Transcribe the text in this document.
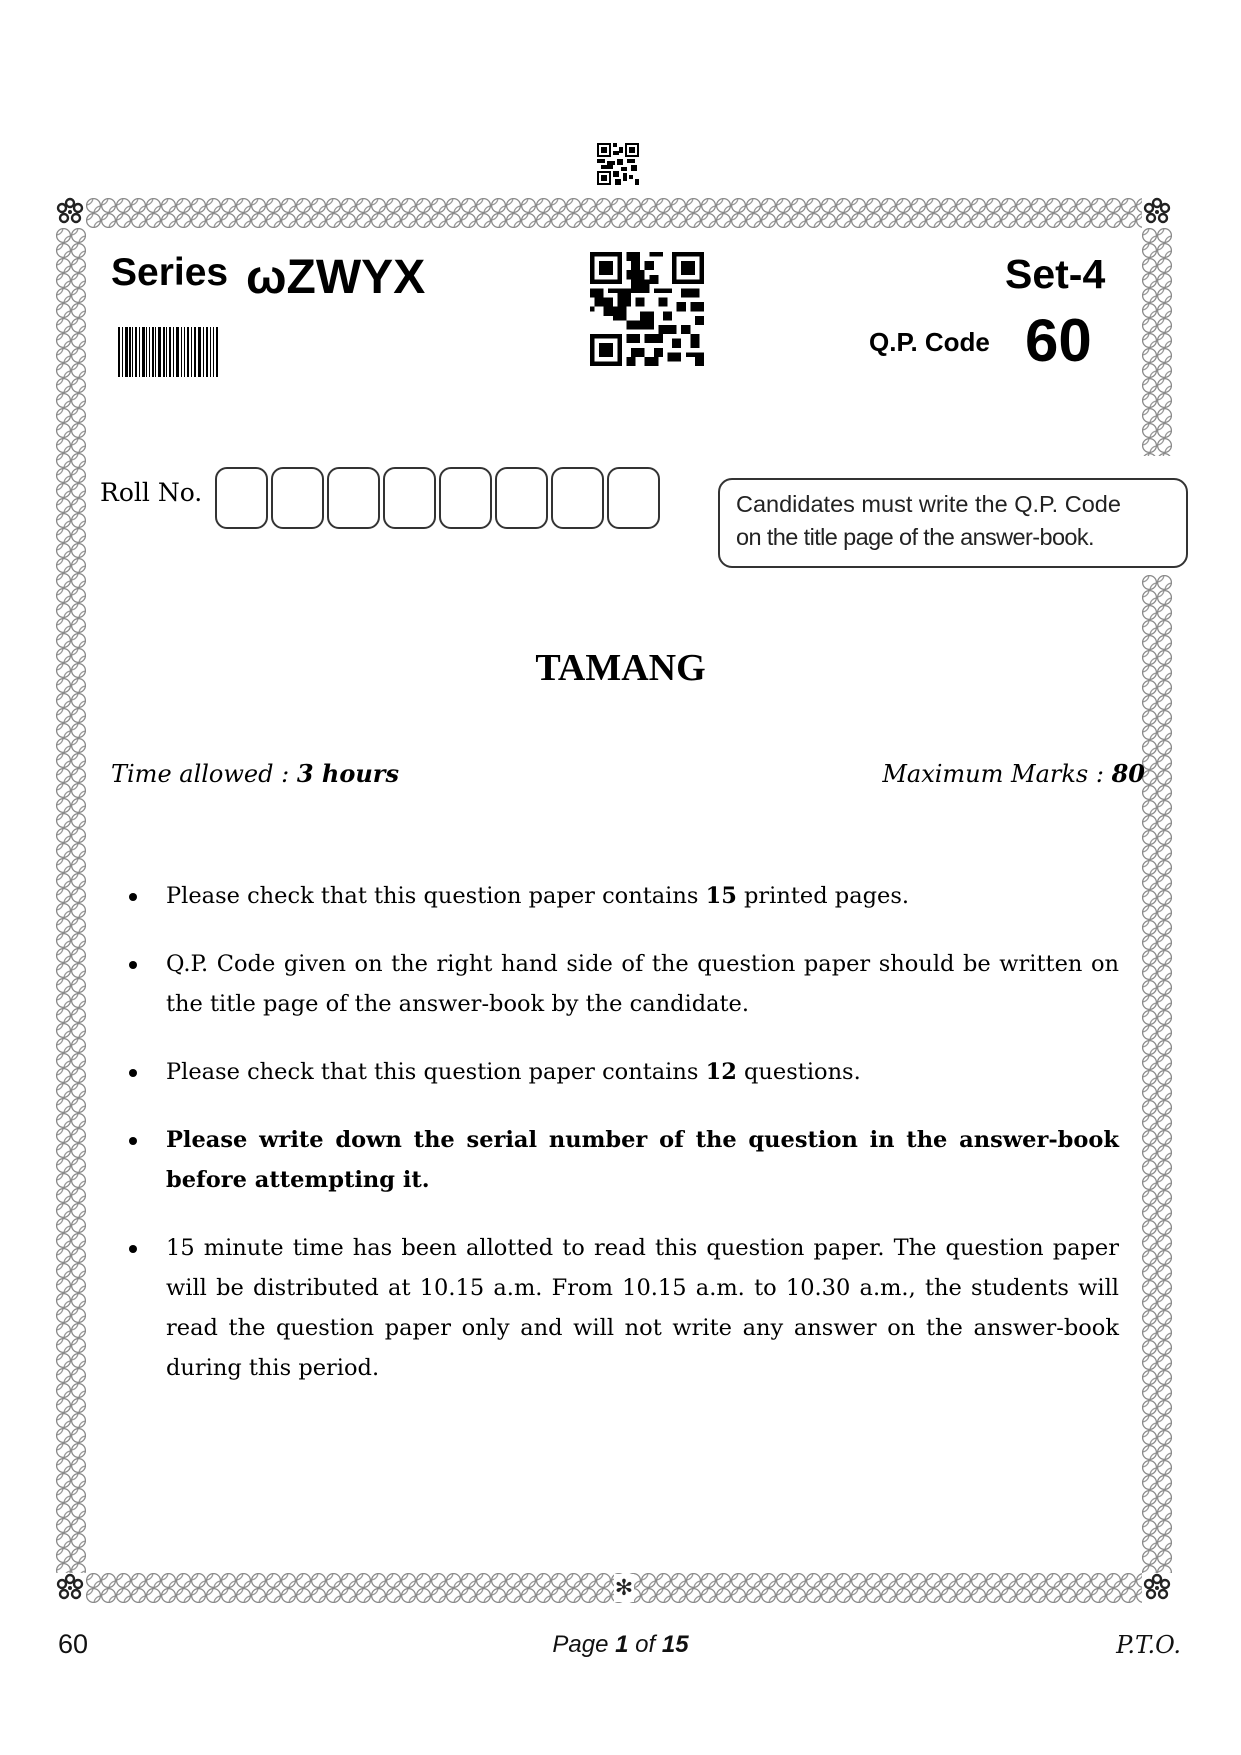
✻
Series ωZWYX	Set-4
Q.P. Code 60
Roll No.	Candidates must write the Q.P. Code
on the title page of the answer-book.
TAMANG
Time allowed : 3 hours	Maximum Marks : 80
Please check that this question paper contains 15 printed pages.
Q.P. Code given on the right hand side of the question paper should be written on the title page of the answer-book by the candidate.
Please check that this question paper contains 12 questions.
Please write down the serial number of the question in the answer-book before attempting it.
15 minute time has been allotted to read this question paper. The question paper will be distributed at 10.15 a.m. From 10.15 a.m. to 10.30 a.m., the students will read the question paper only and will not write any answer on the answer-book during this period.
60	Page 1 of 15	P.T.O.
